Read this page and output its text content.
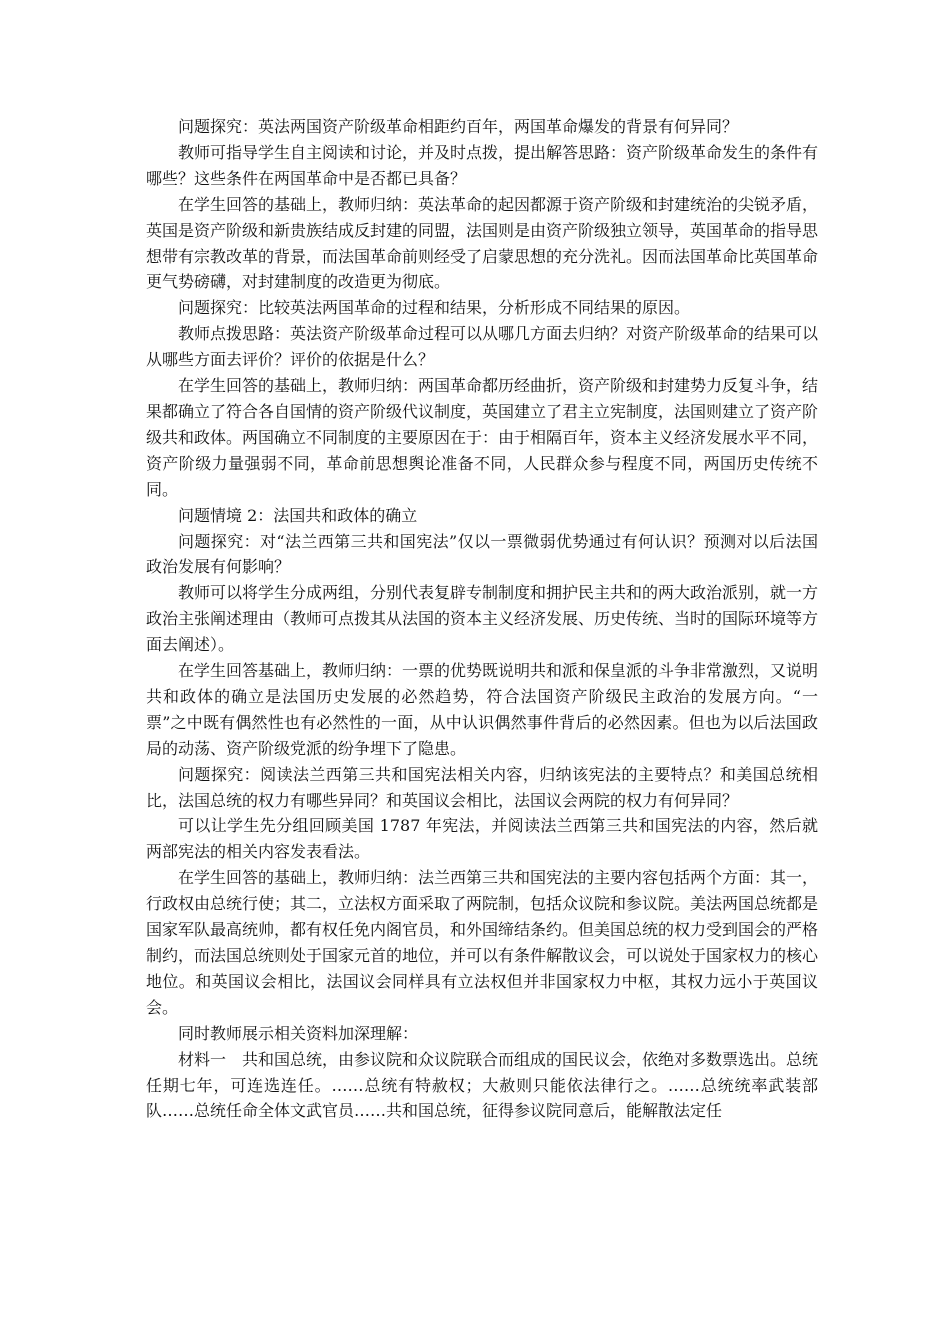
问题探究：英法两国资产阶级革命相距约百年，两国革命爆发的背景有何异同？

教师可指导学生自主阅读和讨论，并及时点拨，提出解答思路：资产阶级革命发生的条件有哪些？这些条件在两国革命中是否都已具备？

在学生回答的基础上，教师归纳：英法革命的起因都源于资产阶级和封建统治的尖锐矛盾，英国是资产阶级和新贵族结成反封建的同盟，法国则是由资产阶级独立领导，英国革命的指导思想带有宗教改革的背景，而法国革命前则经受了启蒙思想的充分洗礼。因而法国革命比英国革命更气势磅礴，对封建制度的改造更为彻底。

问题探究：比较英法两国革命的过程和结果，分析形成不同结果的原因。

教师点拨思路：英法资产阶级革命过程可以从哪几方面去归纳？对资产阶级革命的结果可以从哪些方面去评价？评价的依据是什么？

在学生回答的基础上，教师归纳：两国革命都历经曲折，资产阶级和封建势力反复斗争，结果都确立了符合各自国情的资产阶级代议制度，英国建立了君主立宪制度，法国则建立了资产阶级共和政体。两国确立不同制度的主要原因在于：由于相隔百年，资本主义经济发展水平不同，资产阶级力量强弱不同，革命前思想舆论准备不同，人民群众参与程度不同，两国历史传统不同。

问题情境 2：法国共和政体的确立

问题探究：对“法兰西第三共和国宪法”仅以一票微弱优势通过有何认识？预测对以后法国政治发展有何影响？

教师可以将学生分成两组，分别代表复辟专制制度和拥护民主共和的两大政治派别，就一方政治主张阐述理由（教师可点拨其从法国的资本主义经济发展、历史传统、当时的国际环境等方面去阐述）。

在学生回答基础上，教师归纳：一票的优势既说明共和派和保皇派的斗争非常激烈，又说明共和政体的确立是法国历史发展的必然趋势，符合法国资产阶级民主政治的发展方向。“一票”之中既有偶然性也有必然性的一面，从中认识偶然事件背后的必然因素。但也为以后法国政局的动荡、资产阶级党派的纷争埋下了隐患。

问题探究：阅读法兰西第三共和国宪法相关内容，归纳该宪法的主要特点？和美国总统相比，法国总统的权力有哪些异同？和英国议会相比，法国议会两院的权力有何异同？

可以让学生先分组回顾美国 1787 年宪法，并阅读法兰西第三共和国宪法的内容，然后就两部宪法的相关内容发表看法。

在学生回答的基础上，教师归纳：法兰西第三共和国宪法的主要内容包括两个方面：其一，行政权由总统行使；其二，立法权方面采取了两院制，包括众议院和参议院。美法两国总统都是国家军队最高统帅，都有权任免内阁官员，和外国缔结条约。但美国总统的权力受到国会的严格制约，而法国总统则处于国家元首的地位，并可以有条件解散议会，可以说处于国家权力的核心地位。和英国议会相比，法国议会同样具有立法权但并非国家权力中枢，其权力远小于英国议会。

同时教师展示相关资料加深理解：

材料一　共和国总统，由参议院和众议院联合而组成的国民议会，依绝对多数票选出。总统任期七年，可连选连任。……总统有特赦权；大赦则只能依法律行之。……总统统率武装部队……总统任命全体文武官员……共和国总统，征得参议院同意后，能解散法定任
